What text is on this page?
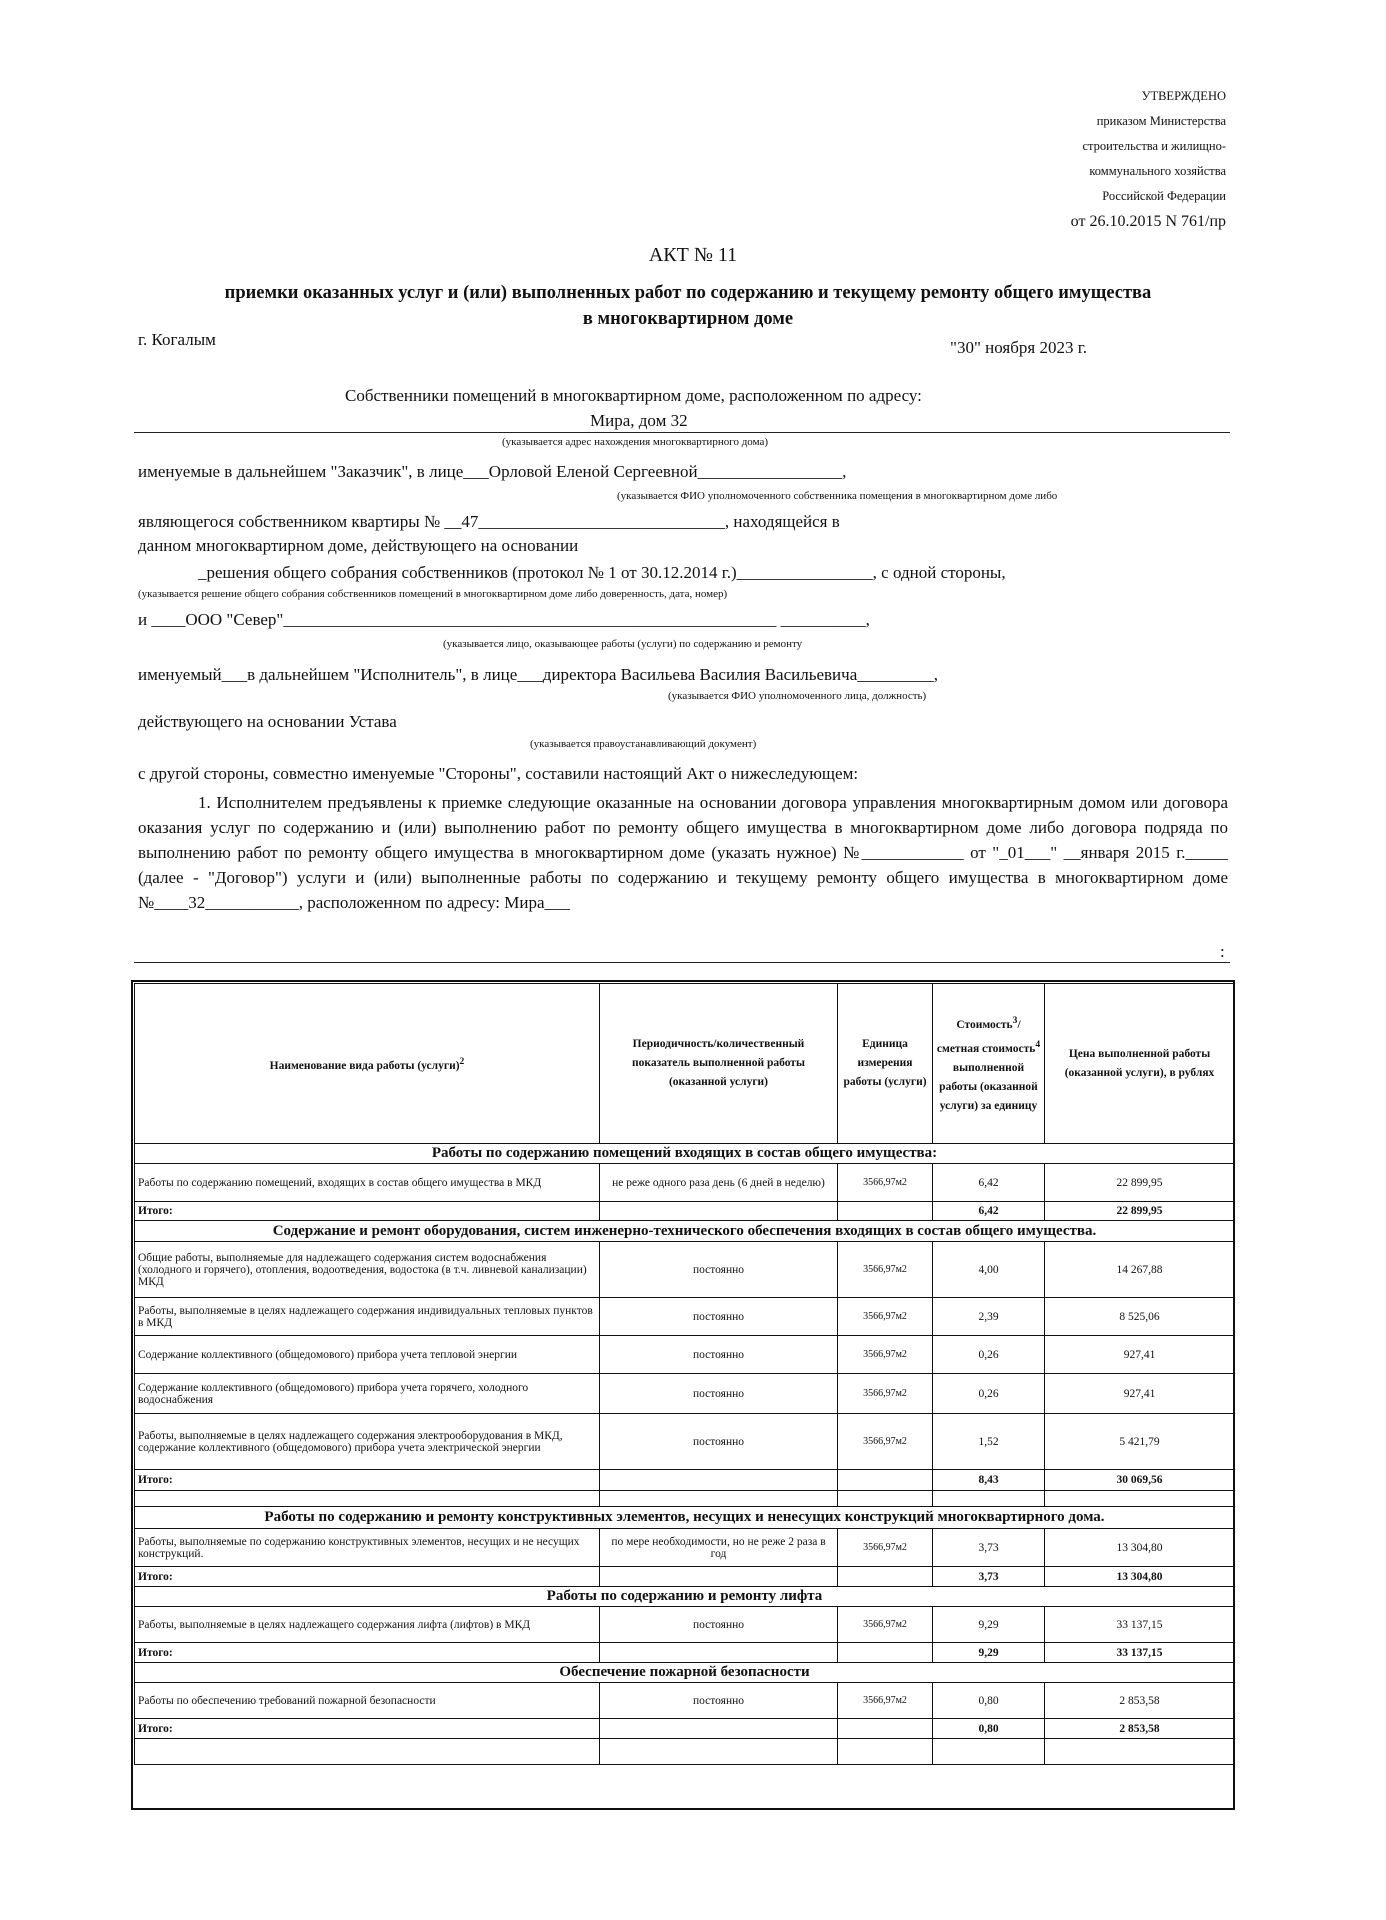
УТВЕРЖДЕНО
приказом Министерства
строительства и жилищно-
коммунального хозяйства
Российской Федерации
от 26.10.2015 N 761/пр
АКТ № 11
приемки оказанных услуг и (или) выполненных работ по содержанию и текущему ремонту общего имущества
в многоквартирном доме
г. Когалым	"30" ноября 2023 г.
Собственники помещений в многоквартирном доме, расположенном по адресу:
Мира, дом 32
(указывается адрес нахождения многоквартирного дома)
именуемые в дальнейшем "Заказчик", в лице___Орловой Еленой Сергеевной_________________,
(указывается ФИО уполномоченного собственника помещения в многоквартирном доме либо
являющегося собственником квартиры № __47_____________________________, находящейся в
данном многоквартирном доме, действующего на основании
_решения общего собрания собственников (протокол № 1 от 30.12.2014 г.)________________, с одной стороны,
(указывается решение общего собрания собственников помещений в многоквартирном доме либо доверенность, дата, номер)
и ____ООО "Север"__________________________________________________________ __________,
(указывается лицо, оказывающее работы (услуги) по содержанию и ремонту
именуемый___в дальнейшем "Исполнитель", в лице___директора Васильева Василия Васильевича_________,
(указывается ФИО уполномоченного лица, должность)
действующего на основании Устава
(указывается правоустанавливающий документ)
с другой стороны, совместно именуемые "Стороны", составили настоящий Акт о нижеследующем:
1. Исполнителем предъявлены к приемке следующие оказанные на основании договора управления многоквартирным домом или договора оказания услуг по содержанию и (или) выполнению работ по ремонту общего имущества в многоквартирном доме либо договора подряда по выполнению работ по ремонту общего имущества в многоквартирном доме (указать нужное) №____________ от "_01___" __января 2015 г._____ (далее - "Договор") услуги и (или) выполненные работы по содержанию и текущему ремонту общего имущества в многоквартирном доме №____32___________, расположенном по адресу: Мира___
:
Наименование вида работы (услуги)$^2$	Периодичность/количественный показатель выполненной работы (оказанной услуги)	Единица измерения работы (услуги)	Стоимость$^3$/сметная стоимость$^4$ выполненной работы (оказанной услуги) за единицу	Цена выполненной работы (оказанной услуги), в рублях
Работы по содержанию помещений входящих в состав общего имущества:				
Работы по содержанию помещений, входящих в состав общего имущества в МКД	не реже одного раза день (6 дней в неделю)	3566,97м2	6,42	22 899,95
Итого:			6,42	22 899,95
Содержание и ремонт оборудования, систем инженерно-технического обеспечения входящих в состав общего имущества.				
Общие работы, выполняемые для надлежащего содержания систем водоснабжения (холодного и горячего), отопления, водоотведения, водостока (в т.ч. ливневой канализации) МКД	постоянно	3566,97м2	4,00	14 267,88
Работы, выполняемые в целях надлежащего содержания индивидуальных тепловых пунктов в МКД	постоянно	3566,97м2	2,39	8 525,06
Содержание коллективного (общедомового) прибора учета тепловой энергии	постоянно	3566,97м2	0,26	927,41
Содержание коллективного (общедомового) прибора учета горячего, холодного водоснабжения	постоянно	3566,97м2	0,26	927,41
Работы, выполняемые в целях надлежащего содержания электрооборудования в МКД, содержание коллективного (общедомового) прибора учета электрической энергии	постоянно	3566,97м2	1,52	5 421,79
Итого:			8,43	30 069,56

Работы по содержанию и ремонту конструктивных элементов, несущих и ненесущих конструкций многоквартирного дома.				
Работы, выполняемые по содержанию конструктивных элементов, несущих и не несущих конструкций.	по мере необходимости, но не реже 2 раза в год	3566,97м2	3,73	13 304,80
Итого:			3,73	13 304,80
Работы по содержанию и ремонту лифта				
Работы, выполняемые в целях надлежащего содержания лифта (лифтов) в МКД	постоянно	3566,97м2	9,29	33 137,15
Итого:			9,29	33 137,15
Обеспечение пожарной безопасности				
Работы по обеспечению требований пожарной безопасности	постоянно	3566,97м2	0,80	2 853,58
Итого:			0,80	2 853,58
